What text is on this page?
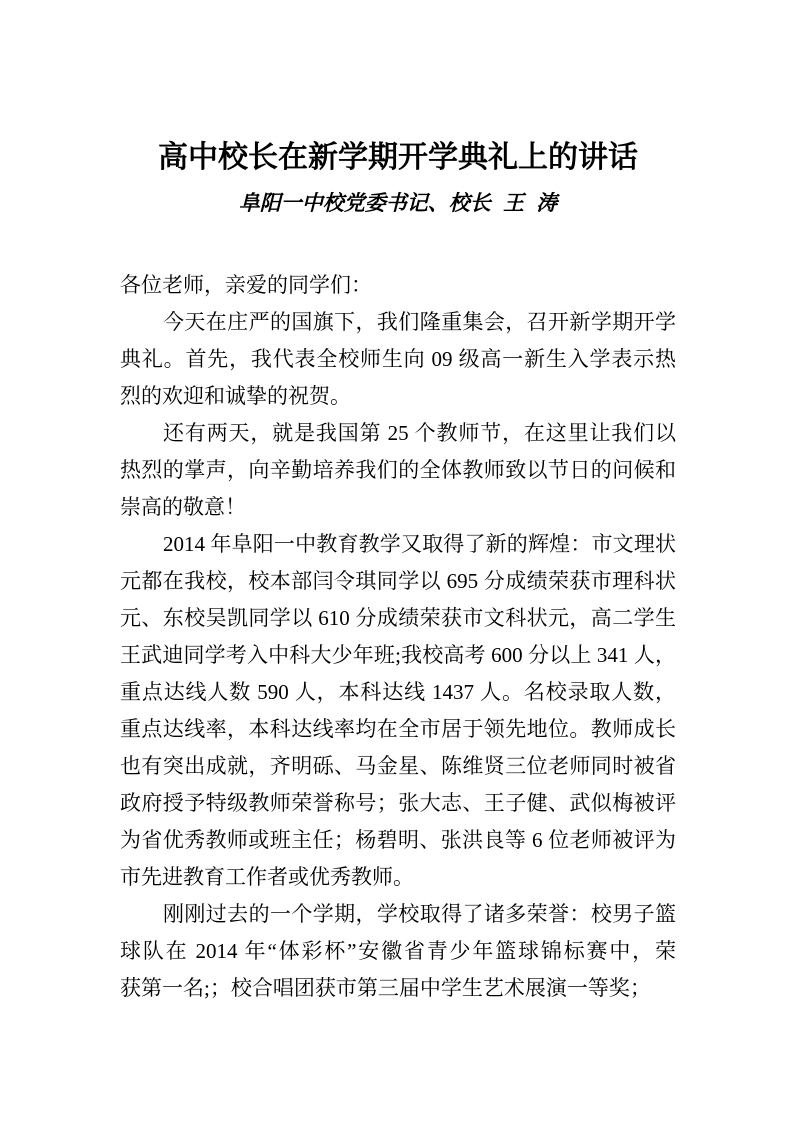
高中校长在新学期开学典礼上的讲话
阜阳一中校党委书记、校长 王 涛
各位老师，亲爱的同学们：
今天在庄严的国旗下，我们隆重集会，召开新学期开学
典礼。首先，我代表全校师生向 09 级高一新生入学表示热
烈的欢迎和诚挚的祝贺。
还有两天，就是我国第 25 个教师节，在这里让我们以
热烈的掌声，向辛勤培养我们的全体教师致以节日的问候和
崇高的敬意！
2014 年阜阳一中教育教学又取得了新的辉煌：市文理状
元都在我校，校本部闫令琪同学以 695 分成绩荣获市理科状
元、东校吴凯同学以 610 分成绩荣获市文科状元，高二学生
王武迪同学考入中科大少年班;我校高考 600 分以上 341 人，
重点达线人数 590 人，本科达线 1437 人。名校录取人数，
重点达线率，本科达线率均在全市居于领先地位。教师成长
也有突出成就，齐明砾、马金星、陈维贤三位老师同时被省
政府授予特级教师荣誉称号；张大志、王子健、武似梅被评
为省优秀教师或班主任；杨碧明、张洪良等 6 位老师被评为
市先进教育工作者或优秀教师。
刚刚过去的一个学期，学校取得了诸多荣誉：校男子篮
球队在 2014 年“体彩杯”安徽省青少年篮球锦标赛中，荣
获第一名;；校合唱团获市第三届中学生艺术展演一等奖；
